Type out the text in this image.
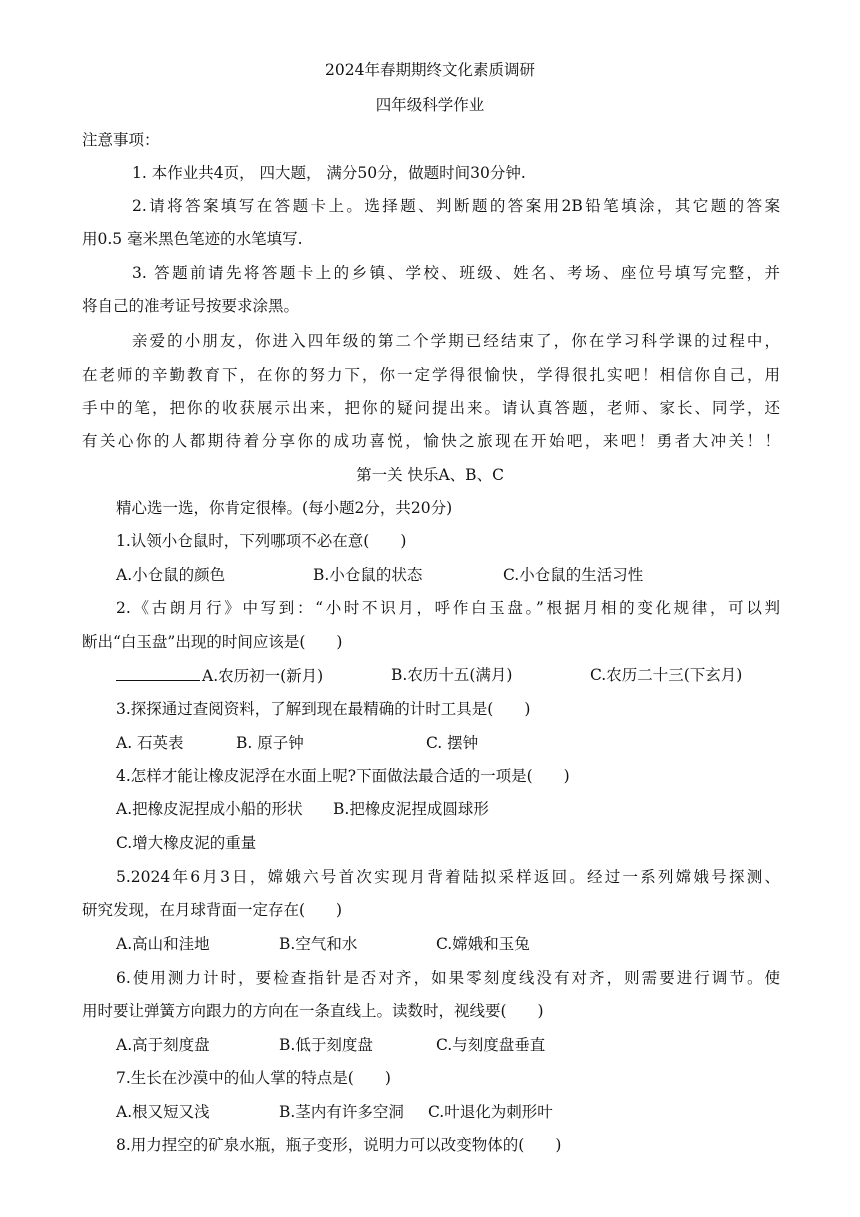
2024年春期期终文化素质调研
四年级科学作业
注意事项：
1. 本作业共4页， 四大题， 满分50分，做题时间30分钟.
2.请将答案填写在答题卡上。选择题、判断题的答案用2B铅笔填涂，其它题的答案
用0.5 毫米黑色笔迹的水笔填写.
3. 答题前请先将答题卡上的乡镇、学校、班级、姓名、考场、座位号填写完整，并
将自己的准考证号按要求涂黑。
亲爱的小朋友，你进入四年级的第二个学期已经结束了，你在学习科学课的过程中，
在老师的辛勤教育下，在你的努力下，你一定学得很愉快，学得很扎实吧！相信你自己，用
手中的笔，把你的收获展示出来，把你的疑问提出来。请认真答题，老师、家长、同学，还
有关心你的人都期待着分享你的成功喜悦，愉快之旅现在开始吧，来吧！勇者大冲关！！
第一关 快乐A、B、C
精心选一选，你肯定很棒。(每小题2分，共20分)
1.认领小仓鼠时，下列哪项不必在意(　　)
A.小仓鼠的颜色	B.小仓鼠的状态	C.小仓鼠的生活习性
2.《古朗月行》中写到：“小时不识月，呼作白玉盘。”根据月相的变化规律，可以判
断出“白玉盘”出现的时间应该是(　　)
A.农历初一(新月)	B.农历十五(满月)	C.农历二十三(下玄月)
3.探探通过查阅资料，了解到现在最精确的计时工具是(　　)
A. 石英表	B. 原子钟	C. 摆钟
4.怎样才能让橡皮泥浮在水面上呢?下面做法最合适的一项是(　　)
A.把橡皮泥捏成小船的形状 B.把橡皮泥捏成圆球形
C.增大橡皮泥的重量
5.2024年6月3日，嫦娥六号首次实现月背着陆拟采样返回。经过一系列嫦娥号探测、
研究发现，在月球背面一定存在(　　)
A.高山和洼地	B.空气和水	C.嫦娥和玉兔
6.使用测力计时，要检查指针是否对齐，如果零刻度线没有对齐，则需要进行调节。使
用时要让弹簧方向跟力的方向在一条直线上。读数时，视线要(　　)
A.高于刻度盘	B.低于刻度盘	C.与刻度盘垂直
7.生长在沙漠中的仙人掌的特点是(　　)
A.根又短又浅	B.茎内有许多空洞 C.叶退化为刺形叶
8.用力捏空的矿泉水瓶，瓶子变形，说明力可以改变物体的(　　)
